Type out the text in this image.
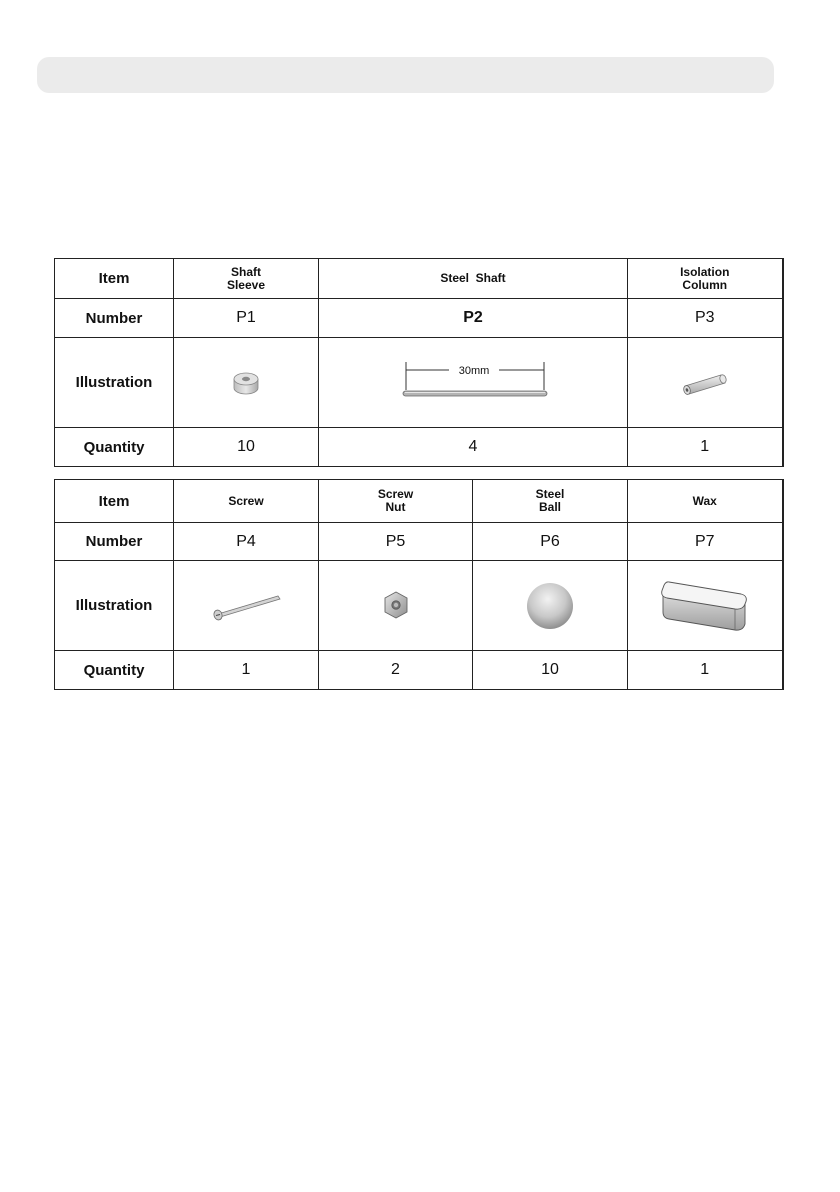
Item	Shaft Sleeve	Steel  Shaft	Isolation Column

Number	P1	P2	P3
Illustration		30mm

Quantity	10	4	1
Item	Screw	Screw Nut	Steel Ball	Wax
Number	P4	P5	P6	P7
Illustration	

Quantity	1	2	10	1
